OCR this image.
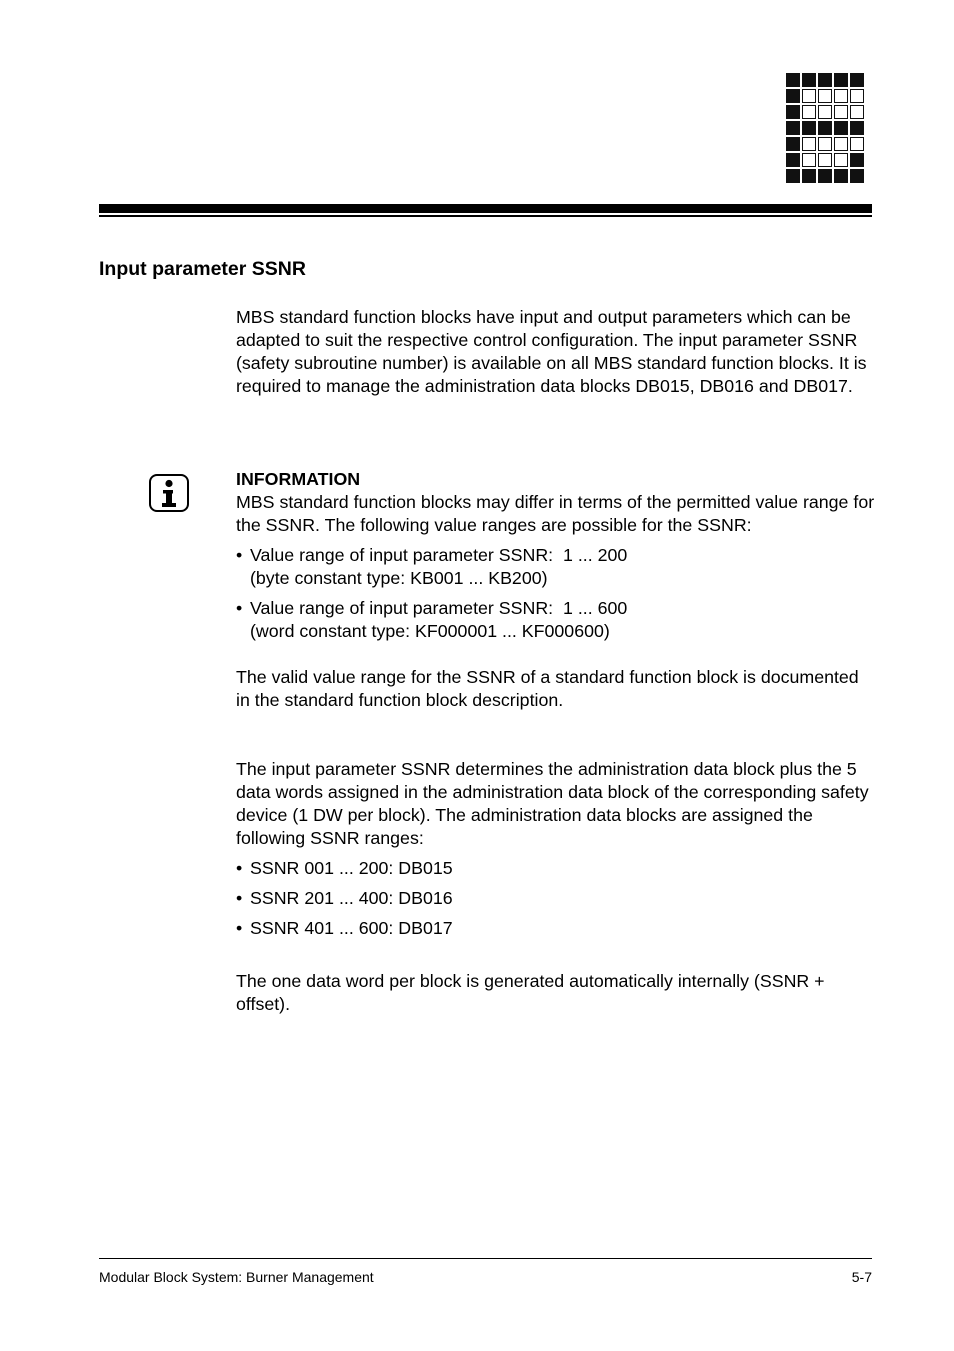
Input parameter SSNR

MBS standard function blocks have input and output parameters which can be adapted to suit the respective control configuration. The input parameter SSNR (safety subroutine number) is available on all MBS standard function blocks. It is required to manage the administration data blocks DB015, DB016 and DB017.

INFORMATION

MBS standard function blocks may differ in terms of the permitted value range for the SSNR. The following value ranges are possible for the SSNR:

• Value range of input parameter SSNR:  1 ... 200
(byte constant type: KB001 ... KB200)
• Value range of input parameter SSNR:  1 ... 600
(word constant type: KF000001 ... KF000600)

The valid value range for the SSNR of a standard function block is documented in the standard function block description.

The input parameter SSNR determines the administration data block plus the 5 data words assigned in the administration data block of the corresponding safety device (1 DW per block). The administration data blocks are assigned the following SSNR ranges:

• SSNR 001 ... 200: DB015
• SSNR 201 ... 400: DB016
• SSNR 401 ... 600: DB017

The one data word per block is generated automatically internally (SSNR + offset).

Modular Block System: Burner Management	5-7
